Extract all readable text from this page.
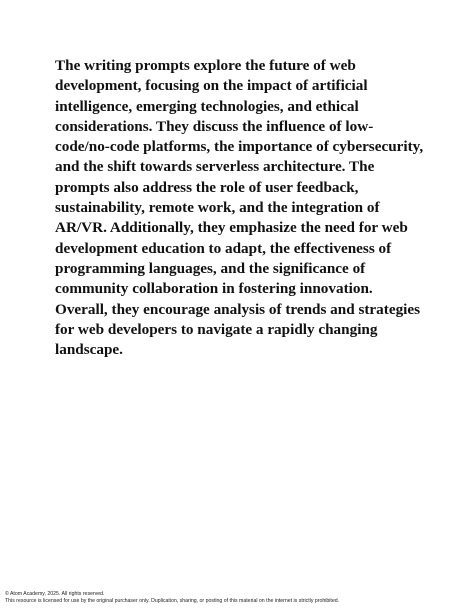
The writing prompts explore the future of web development, focusing on the impact of artificial intelligence, emerging technologies, and ethical considerations. They discuss the influence of low-code/no-code platforms, the importance of cybersecurity, and the shift towards serverless architecture. The prompts also address the role of user feedback, sustainability, remote work, and the integration of AR/VR. Additionally, they emphasize the need for web development education to adapt, the effectiveness of programming languages, and the significance of community collaboration in fostering innovation. Overall, they encourage analysis of trends and strategies for web developers to navigate a rapidly changing landscape.

© Atom Academy, 2025. All rights reserved.
This resource is licensed for use by the original purchaser only. Duplication, sharing, or posting of this material on the internet is strictly prohibited.
